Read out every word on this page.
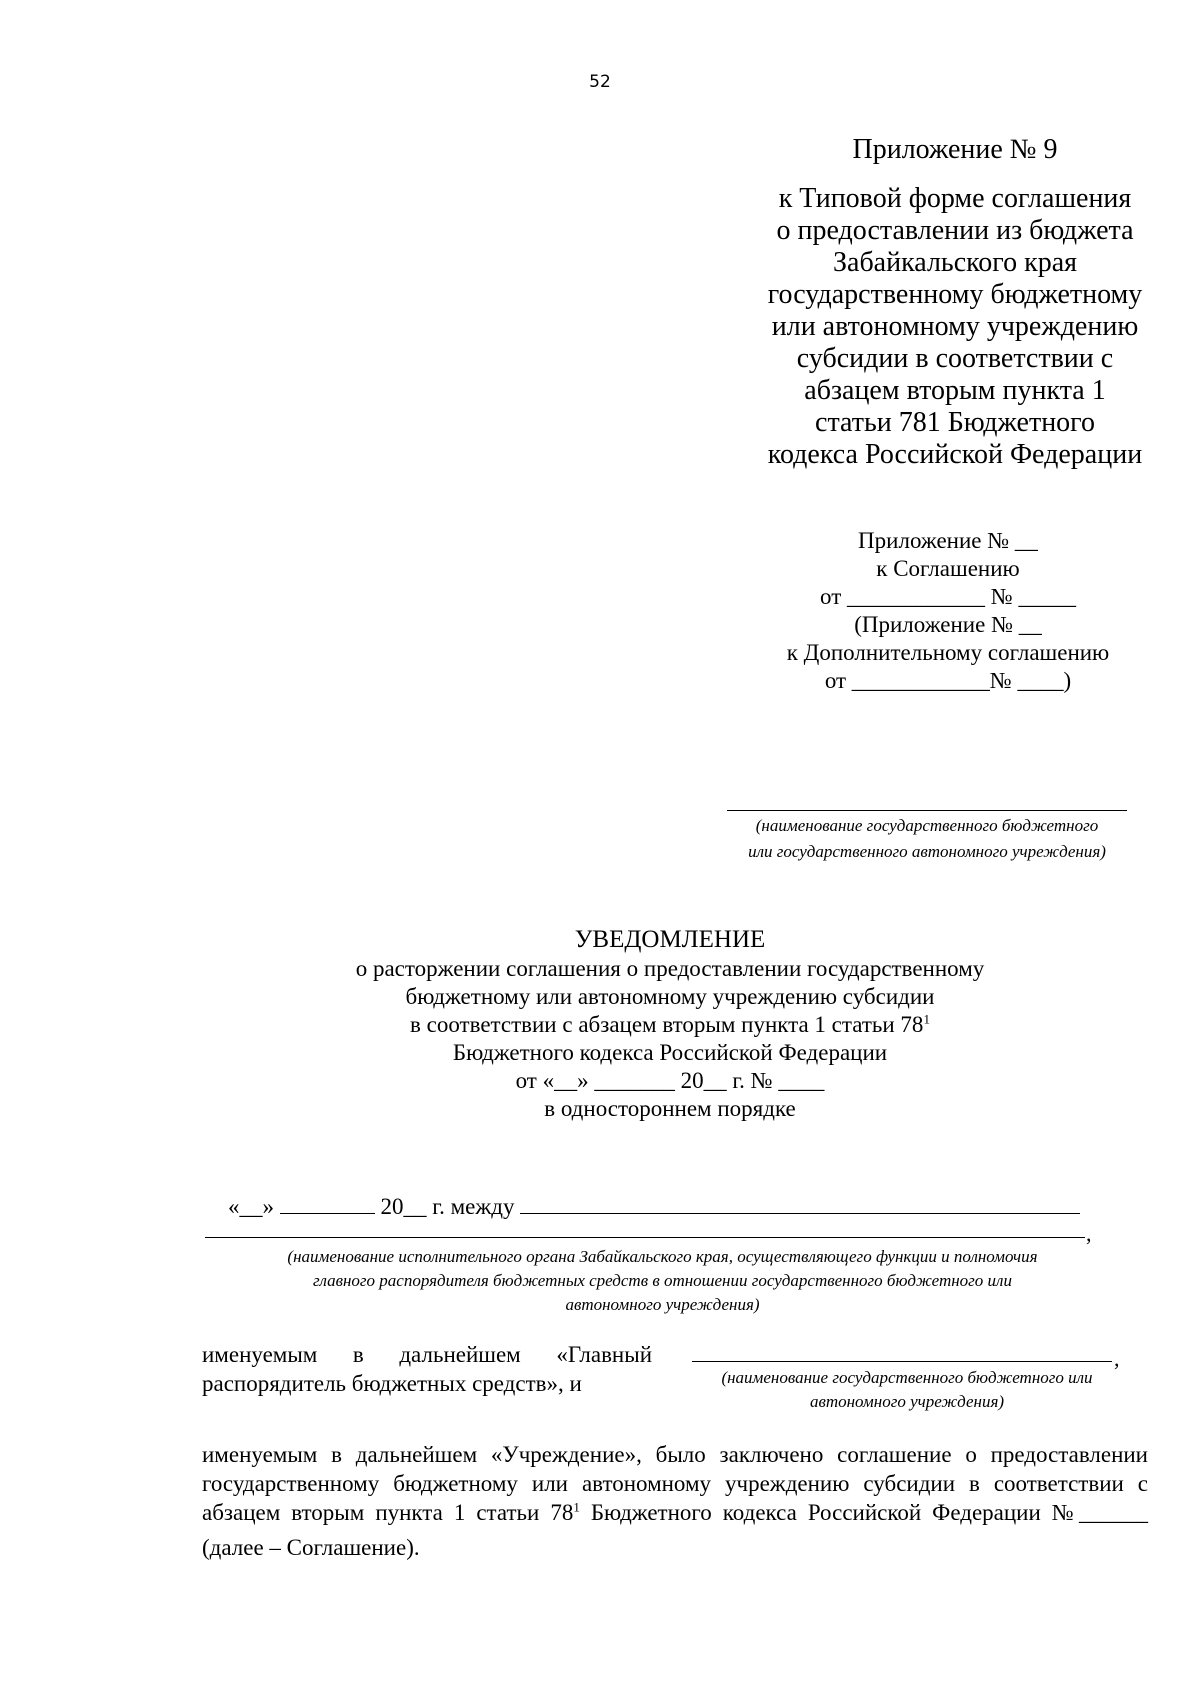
52
Приложение № 9
к Типовой форме соглашения
о предоставлении из бюджета
Забайкальского края
государственному бюджетному
или автономному учреждению
субсидии в соответствии с
абзацем вторым пункта 1
статьи 781 Бюджетного
кодекса Российской Федерации
Приложение № __
к Соглашению
от ____________ № _____
(Приложение № __
к Дополнительному соглашению
от ____________№ ____)
(наименование государственного бюджетного
или государственного автономного учреждения)
УВЕДОМЛЕНИЕ
о расторжении соглашения о предоставлении государственному
бюджетному или автономному учреждению субсидии
в соответствии с абзацем вторым пункта 1 статьи $78^1$
Бюджетного кодекса Российской Федерации
от «__» _______ 20__ г. № ____
в одностороннем порядке
«__»	20__ г. между
,
(наименование исполнительного органа Забайкальского края, осуществляющего функции и полномочия
главного распорядителя бюджетных средств в отношении государственного бюджетного или
автономного учреждения)
именуемым в дальнейшем «Главный
распорядитель бюджетных средств», и
,
(наименование государственного бюджетного или
автономного учреждения)
именуемым в дальнейшем «Учреждение», было заключено соглашение о предоставлении
государственному бюджетному или автономному учреждению субсидии в соответствии с
абзацем вторым пункта 1 статьи $78^1$ Бюджетного кодекса Российской Федерации №______
(далее – Соглашение).
